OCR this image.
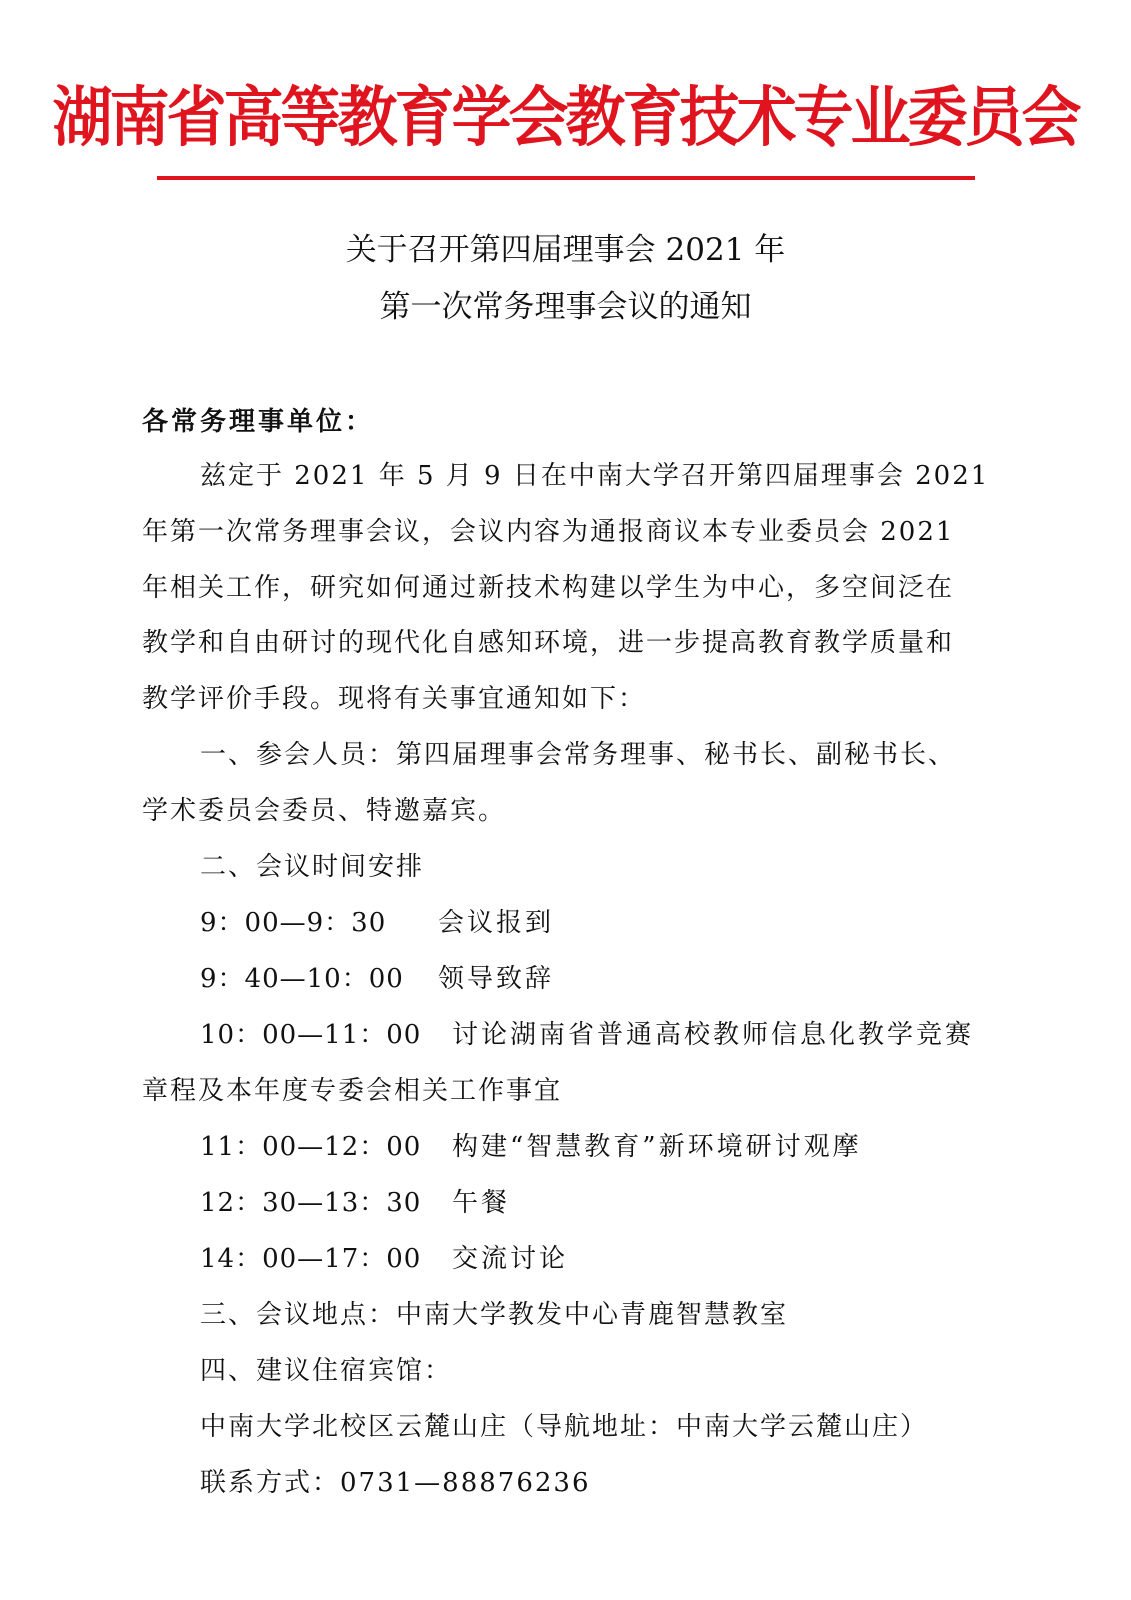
湖南省高等教育学会教育技术专业委员会
关于召开第四届理事会 2021 年
第一次常务理事会议的通知
各常务理事单位：
兹定于 2021 年 5 月 9 日在中南大学召开第四届理事会 2021
年第一次常务理事会议，会议内容为通报商议本专业委员会 2021
年相关工作，研究如何通过新技术构建以学生为中心，多空间泛在
教学和自由研讨的现代化自感知环境，进一步提高教育教学质量和
教学评价手段。现将有关事宜通知如下：
一、参会人员：第四届理事会常务理事、秘书长、副秘书长、
学术委员会委员、特邀嘉宾。
二、会议时间安排
9：00—9：30 会议报到
9：40—10：00 领导致辞
10：00—11：00 讨论湖南省普通高校教师信息化教学竞赛
章程及本年度专委会相关工作事宜
11：00—12：00 构建“智慧教育”新环境研讨观摩
12：30—13：30 午餐
14：00—17：00 交流讨论
三、会议地点：中南大学教发中心青鹿智慧教室
四、建议住宿宾馆：
中南大学北校区云麓山庄（导航地址：中南大学云麓山庄）
联系方式：0731—88876236
